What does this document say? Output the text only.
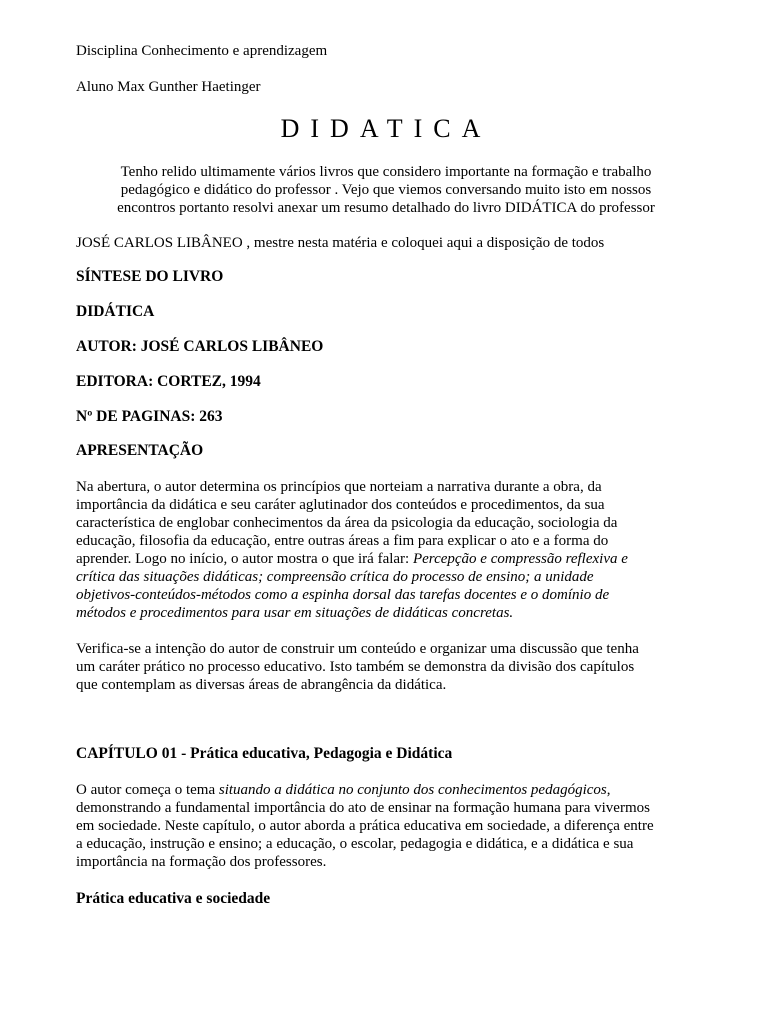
Disciplina Conhecimento e aprendizagem
Aluno Max Gunther Haetinger
DIDATICA
Tenho relido ultimamente vários livros que considero importante na formação e trabalho
pedagógico e didático do professor . Vejo que viemos conversando muito isto em nossos
encontros portanto resolvi anexar um resumo detalhado do livro DIDÁTICA do professor
JOSÉ CARLOS LIBÂNEO , mestre nesta matéria e coloquei aqui a disposição de todos
SÍNTESE DO LIVRO
DIDÁTICA
AUTOR: JOSÉ CARLOS LIBÂNEO
EDITORA: CORTEZ, 1994
Nº DE PAGINAS: 263
APRESENTAÇÃO
Na abertura, o autor determina os princípios que norteiam a narrativa durante a obra, da
importância da didática e seu caráter aglutinador dos conteúdos e procedimentos, da sua
característica de englobar conhecimentos da área da psicologia da educação, sociologia da
educação, filosofia da educação, entre outras áreas a fim para explicar o ato e a forma do
aprender. Logo no início, o autor mostra o que irá falar: Percepção e compressão reflexiva e
crítica das situações didáticas; compreensão crítica do processo de ensino; a unidade
objetivos-conteúdos-métodos como a espinha dorsal das tarefas docentes e o domínio de
métodos e procedimentos para usar em situações de didáticas concretas.
Verifica-se a intenção do autor de construir um conteúdo e organizar uma discussão que tenha
um caráter prático no processo educativo. Isto também se demonstra da divisão dos capítulos
que contemplam as diversas áreas de abrangência da didática.
CAPÍTULO 01 - Prática educativa, Pedagogia e Didática
O autor começa o tema situando a didática no conjunto dos conhecimentos pedagógicos,
demonstrando a fundamental importância do ato de ensinar na formação humana para vivermos
em sociedade. Neste capítulo, o autor aborda a prática educativa em sociedade, a diferença entre
a educação, instrução e ensino; a educação, o escolar, pedagogia e didática, e a didática e sua
importância na formação dos professores.
Prática educativa e sociedade
